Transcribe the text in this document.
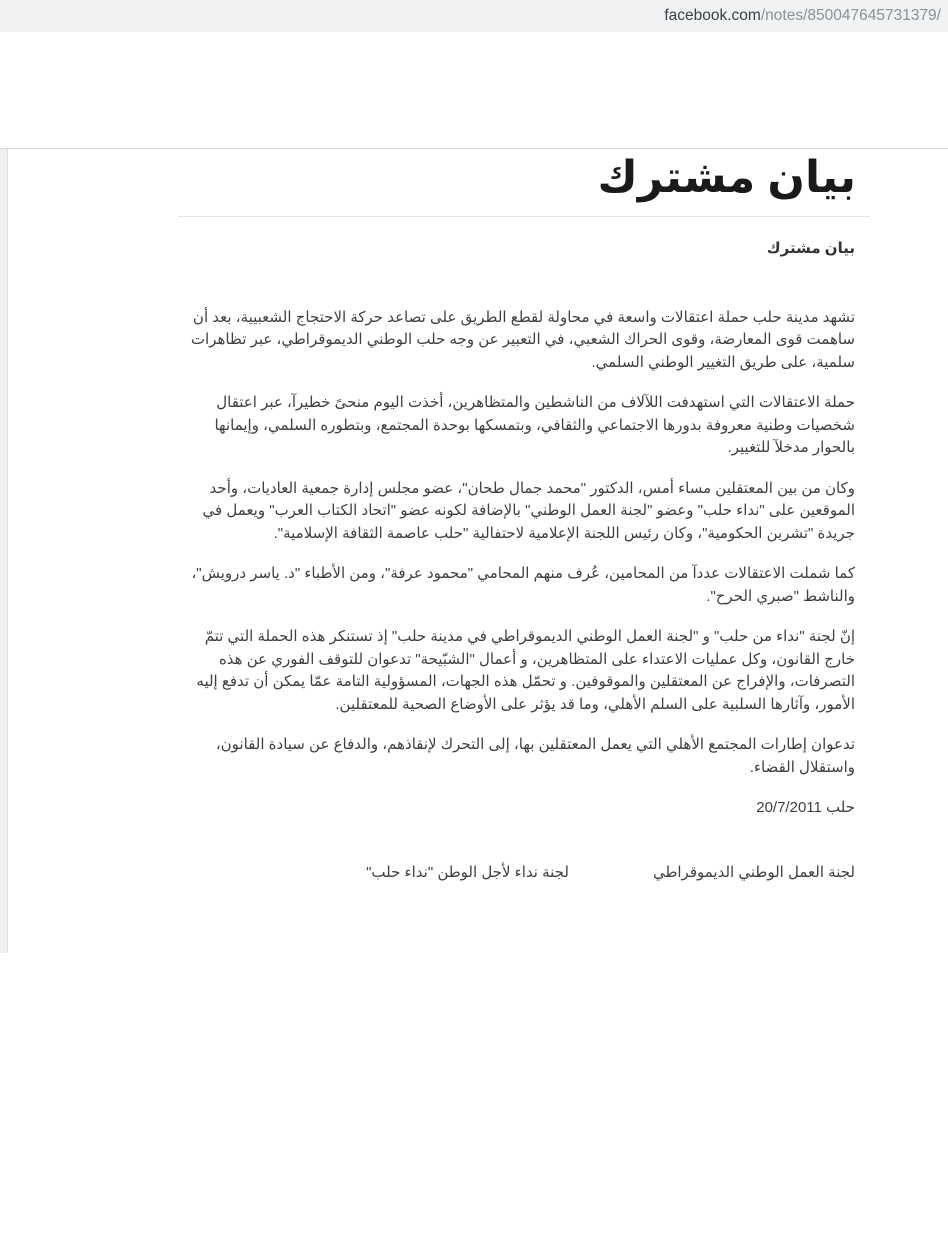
facebook.com /notes/850047645731379/
بيان مشترك
بيان مشترك

تشهد مدينة حلب حملة اعتقالات واسعة في محاولة لقطع الطريق على تصاعد حركة الاحتجاج الشعبيية، بعد أن ساهمت قوى المعارضة، وقوى الحراك الشعبي، في التعبير عن وجه حلب الوطني الديموقراطي، عبر تظاهرات سلمية، على طريق التغيير الوطني السلمي.

حملة الاعتقالات التي استهدفت اللآلاف من الناشطين والمتظاهرين، أخذت اليوم منحىً خطيرآ، عبر اعتقال شخصيات وطنية معروفة بدورها الاجتماعي والثقافي، وبتمسكها بوحدة المجتمع، وبتطوره السلمي، وإيمانها بالحوار مدخلآ للتغيير.

وكان من بين المعتقلين مساء أمس، الدكتور "محمد جمال طحان"، عضو مجلس إدارة جمعية العاديات، وأحد الموقعين على "نداء حلب" وعضو "لجنة العمل الوطني" بالإضافة لكونه عضو "اتحاد الكتاب العرب" ويعمل في جريدة "تشرين الحكومية"، وكان رئيس اللجنة الإعلامية لاحتفالية "حلب عاصمة الثقافة الإسلامية".

كما شملت الاعتقالات عددآ من المحامين، عُرف منهم المحامي "محمود عرفة"، ومن الأطباء "د. ياسر درويش"، والناشط "صبري الحرح".

إنّ لجنة "نداء من حلب" و "لجنة العمل الوطني الديموقراطي في مدينة حلب" إذ تستنكر هذه الحملة التي تتمّ خارج القانون، وكل عمليات الاعتداء على المتظاهرين، و أعمال "الشبّيحة" تدعوان للتوقف الفوري عن هذه التصرفات، والإفراج عن المعتقلين والموقوفين. و تحمّل هذه الجهات، المسؤولية التامة عمّا يمكن أن تدفع إليه الأمور، وآثارها السلبية على السلم الأهلي، وما قد يؤثر على الأوضاع الصحية للمعتقلين.

تدعوان إطارات المجتمع الأهلي التي يعمل المعتقلين بها، إلى التحرك لإنقاذهم، والدفاع عن سيادة القانون، واستقلال القضاء.

حلب 20/7/2011

لجنة العمل الوطني الديموقراطي
لجنة نداء لأجل الوطن "نداء حلب"
